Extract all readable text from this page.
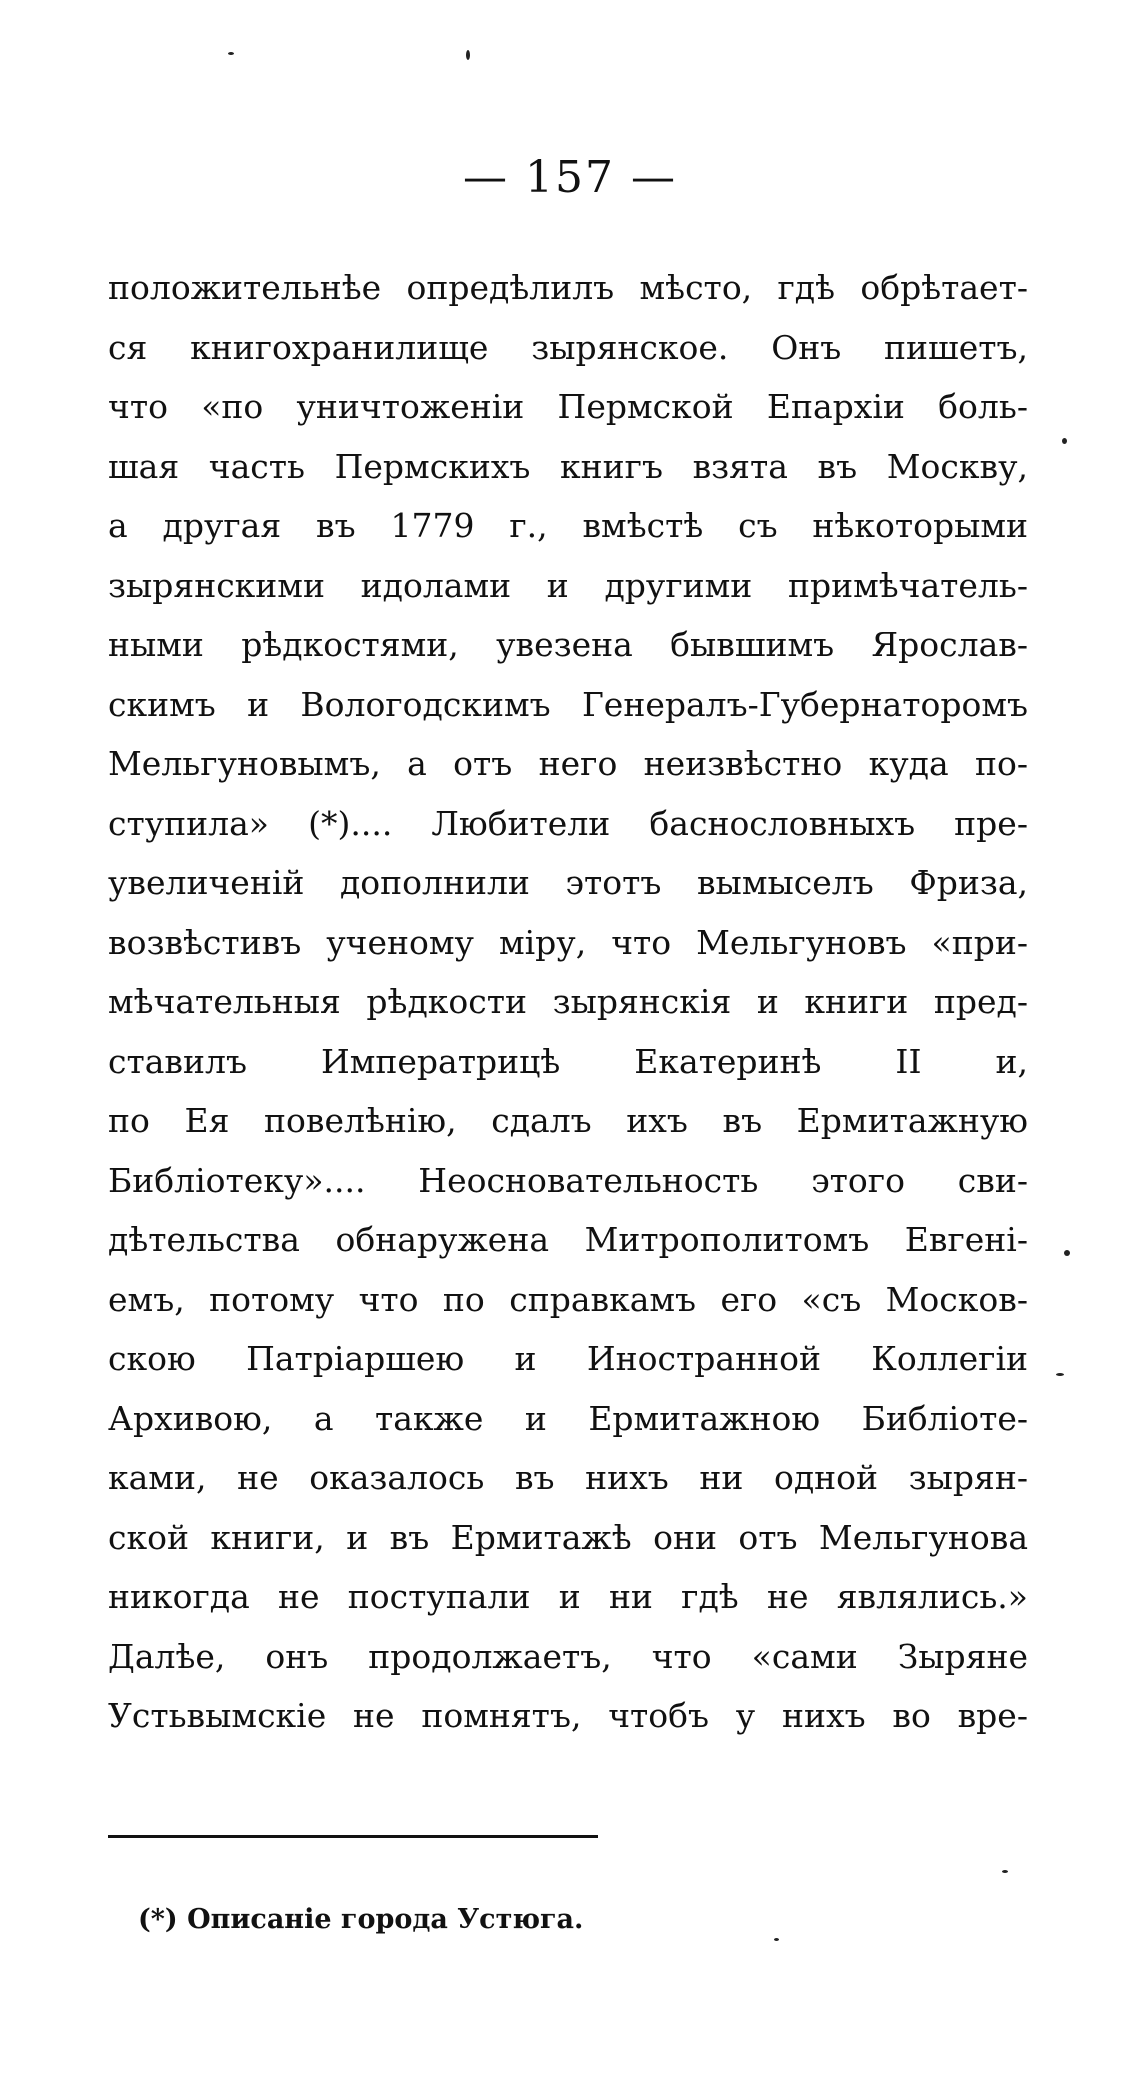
— 157 —
положительнѣе опредѣлилъ мѣсто, гдѣ обрѣтает-
ся книгохранилище зырянское. Онъ пишетъ,
что «по уничтоженіи Пермской Епархіи боль-
шая часть Пермскихъ книгъ взята въ Москву,
а другая въ 1779 г., вмѣстѣ съ нѣкоторыми
зырянскими идолами и другими примѣчатель-
ными рѣдкостями, увезена бывшимъ Ярослав-
скимъ и Вологодскимъ Генералъ-Губернаторомъ
Мельгуновымъ, а отъ него неизвѣстно куда по-
ступила» (*).... Любители баснословныхъ пре-
увеличеній дополнили этотъ вымыселъ Фриза,
возвѣстивъ ученому міру, что Мельгуновъ «при-
мѣчательныя рѣдкости зырянскія и книги пред-
ставилъ Императрицѣ Екатеринѣ II и,
по Ея повелѣнію, сдалъ ихъ въ Ермитажную
Библіотеку».... Неосновательность этого сви-
дѣтельства обнаружена Митрополитомъ Евгені-
емъ, потому что по справкамъ его «съ Москов-
скою Патріаршею и Иностранной Коллегіи
Архивою, а также и Ермитажною Библіоте-
ками, не оказалось въ нихъ ни одной зырян-
ской книги, и въ Ермитажѣ они отъ Мельгунова
никогда не поступали и ни гдѣ не являлись.»
Далѣе, онъ продолжаетъ, что «сами Зыряне
Устьвымскіе не помнятъ, чтобъ у нихъ во вре-
(*) Описаніе города Устюга.
